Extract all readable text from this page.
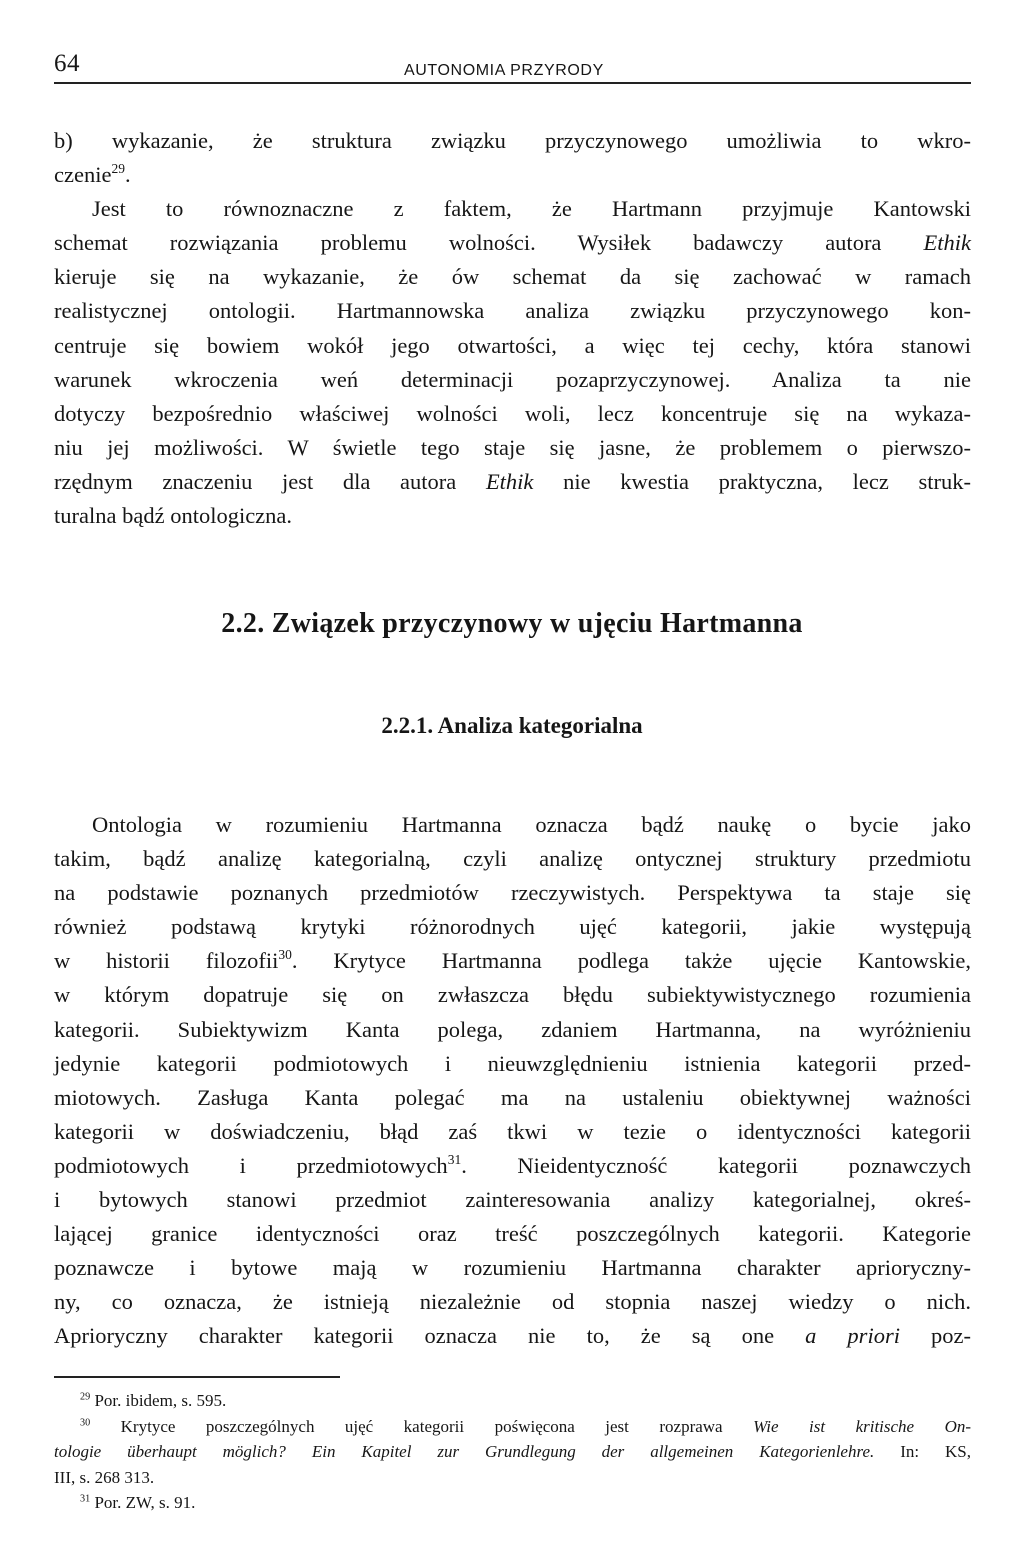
64	AUTONOMIA PRZYRODY
b) wykazanie, że struktura związku przyczynowego umożliwia to wkro-
czenie$^{29}$.
Jest to równoznaczne z faktem, że Hartmann przyjmuje Kantowski
schemat rozwiązania problemu wolności. Wysiłek badawczy autora Ethik
kieruje się na wykazanie, że ów schemat da się zachować w ramach
realistycznej ontologii. Hartmannowska analiza związku przyczynowego kon-
centruje się bowiem wokół jego otwartości, a więc tej cechy, która stanowi
warunek wkroczenia weń determinacji pozaprzyczynowej. Analiza ta nie
dotyczy bezpośrednio właściwej wolności woli, lecz koncentruje się na wykaza-
niu jej możliwości. W świetle tego staje się jasne, że problemem o pierwszo-
rzędnym znaczeniu jest dla autora Ethik nie kwestia praktyczna, lecz struk-
turalna bądź ontologiczna.
2.2. Związek przyczynowy w ujęciu Hartmanna
2.2.1. Analiza kategorialna
Ontologia w rozumieniu Hartmanna oznacza bądź naukę o bycie jako
takim, bądź analizę kategorialną, czyli analizę ontycznej struktury przedmiotu
na podstawie poznanych przedmiotów rzeczywistych. Perspektywa ta staje się
również podstawą krytyki różnorodnych ujęć kategorii, jakie występują
w historii filozofii$^{30}$. Krytyce Hartmanna podlega także ujęcie Kantowskie,
w którym dopatruje się on zwłaszcza błędu subiektywistycznego rozumienia
kategorii. Subiektywizm Kanta polega, zdaniem Hartmanna, na wyróżnieniu
jedynie kategorii podmiotowych i nieuwzględnieniu istnienia kategorii przed-
miotowych. Zasługa Kanta polegać ma na ustaleniu obiektywnej ważności
kategorii w doświadczeniu, błąd zaś tkwi w tezie o identyczności kategorii
podmiotowych i przedmiotowych$^{31}$. Nieidentyczność kategorii poznawczych
i bytowych stanowi przedmiot zainteresowania analizy kategorialnej, okreś-
lającej granice identyczności oraz treść poszczególnych kategorii. Kategorie
poznawcze i bytowe mają w rozumieniu Hartmanna charakter aprioryczny-
ny, co oznacza, że istnieją niezależnie od stopnia naszej wiedzy o nich.
Aprioryczny charakter kategorii oznacza nie to, że są one a priori poz-
$^{29}$ Por. ibidem, s. 595.
$^{30}$ Krytyce poszczególnych ujęć kategorii poświęcona jest rozprawa Wie ist kritische On-
tologie überhaupt möglich? Ein Kapitel zur Grundlegung der allgemeinen Kategorienlehre. In: KS,
III, s. 268 313.
$^{31}$ Por. ZW, s. 91.
